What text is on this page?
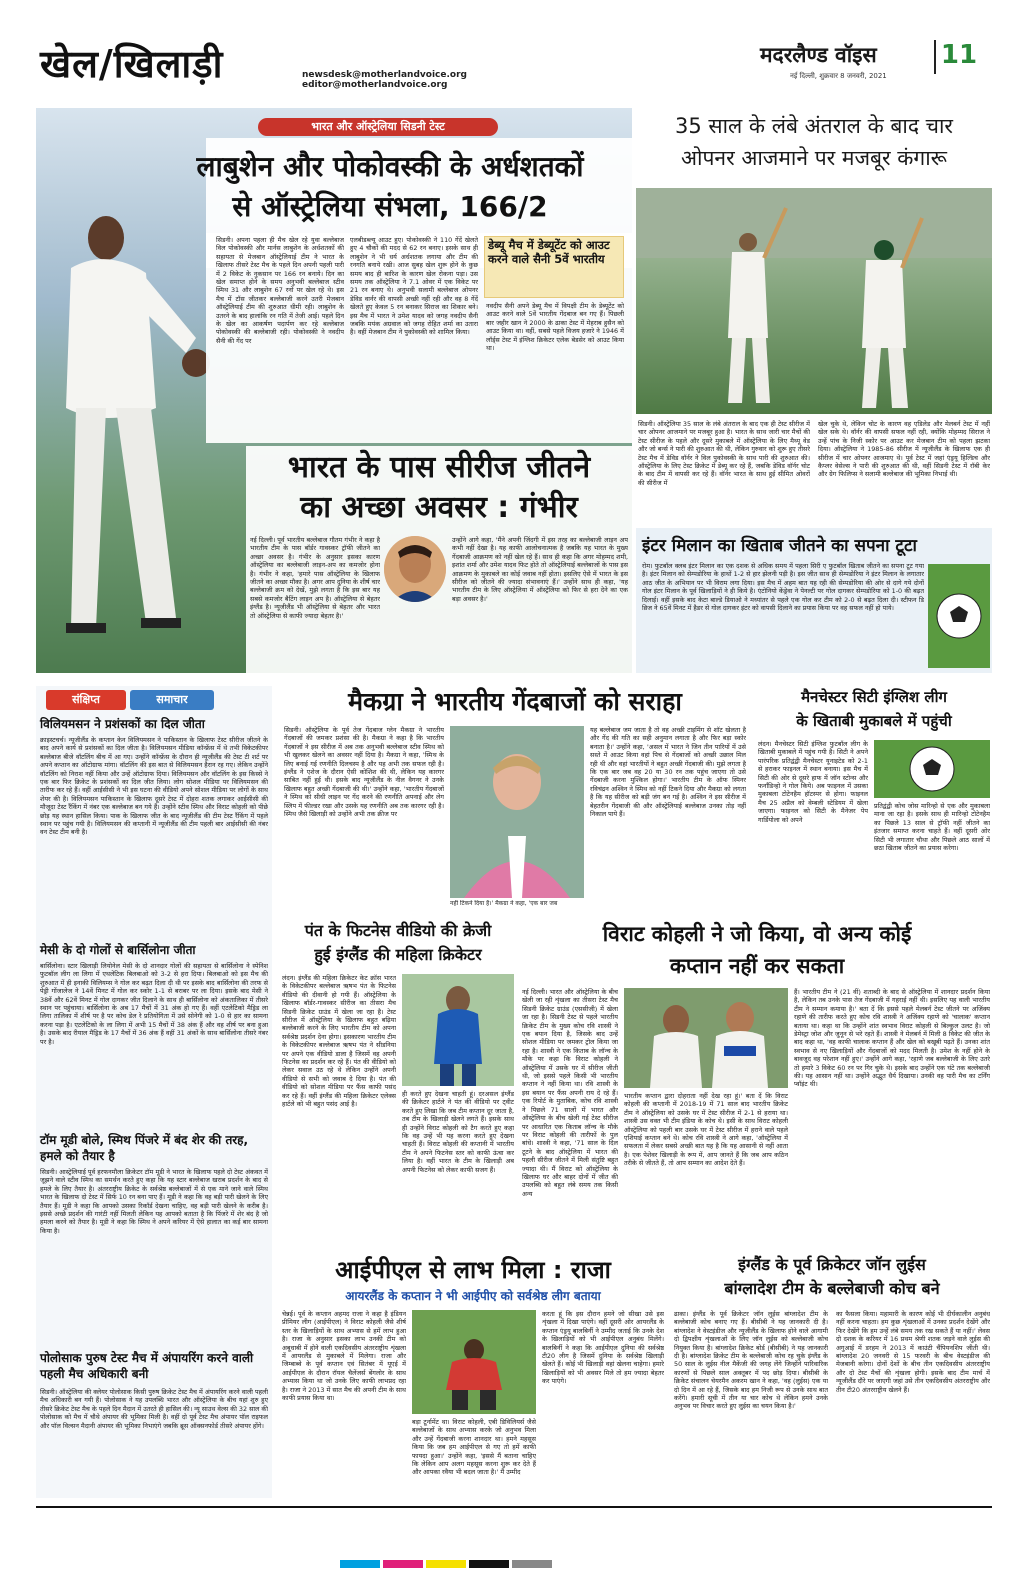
खेल/खिलाड़ी	newsdesk@motherlandvoice.org
editor@motherlandvoice.org
मदरलैण्ड वॉइस 11
नई दिल्ली, शुक्रवार 8 जनवरी, 2021
भारत और ऑस्ट्रेलिया सिडनी टेस्ट
लाबुशेन और पोकोवस्की के अर्धशतकों
से ऑस्ट्रेलिया संभला, 166/2
सिडनी। अपना पहला ही मैच खेल रहे युवा बल्लेबाज विल पोकोवस्की और मार्नस लाबुशेन के अर्धशतकों की सहायता से मेजबान ऑस्ट्रेलियाई टीम ने भारत के खिलाफ तीसरे टेस्ट मैच के पहले दिन अपनी पहली पारी में 2 विकेट के नुकसान पर 166 रन बनाये। दिन का खेल समाप्त होने के समय अनुभवी बल्लेबाज स्टीव स्मिथ 31 और लाबुशेन 67 रनों पर खेल रहे थे। इस मैच में टॉस जीतकर बल्लेबाजी करने उतरी मेजबान ऑस्ट्रेलियाई टीम की शुरुआत धीमी रही। लाबुशेन के उतरने के बाद हालांकि रन गति में तेजी आई। पहले दिन के खेल का आकर्षण पदार्पण कर रहे बल्लेबाज पोकोवस्की की बल्लेबाजी रही। पोकोवस्की ने नवदीप सैनी की गेंद पर
एलबीडब्ल्यू आउट हुए। पोकोवस्की ने 110 गेंदें खेलते हुए 4 चौकों की मदद से 62 रन बनाए। इसके साथ ही लाबुशेन ने भी धर्य अर्धशतक लगाया और टीम की रनगति बनाये रखी। आज सुबह खेल शुरू होने के कुछ समय बाद ही बारिश के कारण खेल रोकना पड़ा। उस समय तक ऑस्ट्रेलिया ने 7.1 ओवर में एक विकेट पर 21 रन बनाए थे। अनुभवी सलामी बल्लेबाज ओपनर डेविड वार्नर की वापसी अच्छी नहीं रही और वह 8 गेंदें खेलते हुए केवल 5 रन बनाकर सिराज का शिकार बने। इस मैच में भारत ने उमेश यादव को जगह नवदीप सैनी जबकि मयंक अग्रवाल को जगह रोहित शर्मा का उतारा है। वहीं मेजबान टीम ने पुकोवस्की को शामिल किया।
डेब्यू मैच में डेब्यूटेंट को आउट करने वाले सैनी 5वें भारतीय
नवदीप सैनी अपने डेब्यू मैच में विपक्षी टीम के डेब्यूटेंट को आउट करने वाले 5वें भारतीय गेंदबाज बन गए हैं। पिछली बार जहीर खान ने 2000 के ढाका टेस्ट में मेहराब हुसैन को आउट किया था। वहीं, सबसे पहले विजय हजारे ने 1946 में लॉर्ड्स टेस्ट में इंग्लिश क्रिकेटर एलेक बेडसेर को आउट किया था।
भारत के पास सीरीज जीतने
का अच्छा अवसर : गंभीर
नई दिल्ली। पूर्व भारतीय बल्लेबाज गौतम गंभीर ने कहा है भारतीय टीम के पास बॉर्डर गावस्कर ट्रॉफी जीतने का अच्छा अवसर है। गंभीर के अनुसार इसका कारण ऑस्ट्रेलिया का बल्लेबाजी लाइन-अप का कमजोर होना है। गंभीर ने कहा, 'हमारे पास ऑस्ट्रेलिया के खिलाफ जीतने का अच्छा मौका है। अगर आप दुनिया के शीर्ष चार बल्लेबाजी क्रम को देखें, मुझे लगता है कि इस बार यह सबसे कमजोर बैटिंग लाइन अप है। ऑस्ट्रेलिया से बेहतर इंग्लैंड है। न्यूजीलैंड भी ऑस्ट्रेलिया से बेहतर और भारत तो ऑस्ट्रेलिया से काफी ज्यादा बेहतर है।'
उन्होंने आगे कहा, 'मैंने अपनी जिंदगी में इस तरह का बल्लेबाजी लाइन अप कभी नहीं देखा है। यह काफी आलोचनात्मक है जबकि यह भारत के मुख्य गेंदबाजी आक्रमण को नहीं खेल रहे हैं। साथ ही कहा कि अगर मोहम्मद शमी, इशांत शर्मा और उमेश यादव फिट होते तो ऑस्ट्रेलियाई बल्लेबाजों के पास इस आक्रमण के मुकाबले का कोई जवाब नहीं होता। इसलिए ऐसे में भारत के इस सीरीज को जीतने की ज्यादा संभावनाएं हैं।' उन्होंने साथ ही कहा, 'यह भारतीय टीम के लिए ऑस्ट्रेलिया में ऑस्ट्रेलिया को फिर से हरा देने का एक बड़ा अवसर है।'
35 साल के लंबे अंतराल के बाद चार
ओपनर आजमाने पर मजबूर कंगारू
सिडनी। ऑस्ट्रेलिया 35 साल के लंबे अंतराल के बाद एक ही टेस्ट सीरीज में चार ओपनर आजमाने पर मजबूर हुआ है। भारत के साथ जारी चार मैचों की टेस्ट सीरीज के पहले और दूसरे मुकाबले में ऑस्ट्रेलिया के लिए मैथ्यू वेड और जो बर्न्स ने पारी की शुरुआत की थी, लेकिन गुरुवार को शुरू हुए तीसरे टेस्ट मैच में डेविड वॉर्नर ने विल पुकोवस्की के साथ पारी की शुरुआत की। ऑस्ट्रेलिया के लिए टेस्ट क्रिकेट में डेब्यू कर रहे हैं, जबकि डेविड वॉर्नर चोट के बाद टीम में वापसी कर रहे हैं। वॉर्नर भारत के साथ हुई सीमित ओवरों की सीरीज में
खेल चुके थे, लेकिन चोट के कारण वह एडिलेड और मेलबर्न टेस्ट में नहीं खेल सके थे। वॉर्नर की वापसी सफल नहीं रही, क्योंकि मोहम्मद सिराज ने उन्हें पांच के निजी स्कोर पर आउट कर मेजबान टीम को पहला झटका दिया। ऑस्ट्रेलिया ने 1985-86 सीरीज में न्यूजीलैंड के खिलाफ एक ही सीरीज में चार ओपनर आजमाए थे। पूर्व टेस्ट में जहां एंड्रयू हिल्डिच और कैप्लर वेसेल्स ने पारी की शुरुआत की थी, वहीं सिडनी टेस्ट में रॉबी केर और ग्रेग फिलिप्स ने सलामी बल्लेबाज की भूमिका निभाई थी।
इंटर मिलान का खिताब जीतने का सपना टूटा
रोम। फुटबॉल क्लब इंटर मिलान का एक दशक से अधिक समय में पहला सिरी ए फुटबॉल खिताब जीतने का सपना टूट गया है। इंटर मिलान को सेम्पडोरिया के हाथों 1-2 से हार झेलनी पड़ी है। इस जीत साथ ही सेम्पडोरिया ने इंटर मिलान के लगातार आठ जीत के अभियान पर भी विराम लगा दिया। इस मैच में अहम बात यह रही की सेम्पडोरिया की ओर से दागे गये दोनों गोल इंटर मिलान के पूर्व खिलाड़ियों ने ही किये है। एंटोनियो केंड्रेवा ने पेनल्टी पर गोल दागकर सेम्पडोरिया को 1-0 की बढ़त दिलाई। वहीं इसके बाद केटा बाल्डे डियाओ ने मध्यांतर से पहले एक गोल कर टीम को 2-0 से बढ़त दिला दी। स्टीफन डि व्रिज ने 65वें मिनट में हैडर से गोल दागकर इंटर को वापसी दिलाने का प्रयास किया पर वह सफल नहीं हो पाये।
संक्षिप्त	समाचार
विलियमसन ने प्रशंसकों का दिल जीता
क्राइस्टचर्च। न्यूजीलैंड के कप्तान केन विलियमसन ने पाकिस्तान के खिलाफ टेस्ट सीरीज जीतने के बाद अपने कार्य से प्रशंसकों का दिल जीता है। विलियमसन मीडिया कॉन्फ्रेंस में थे तभी विकेटकीपर बल्लेबाज बीजे वॉटलिंग बीच में आ गए। उन्होंने कॉन्फ्रेंस के दौरान ही न्यूजीलैंड की टेस्ट टी शर्ट पर अपने कप्तान का ऑटोग्राफ मांगा। वॉटलिंग की इस बात से विलियमसन हैरान रह गए। लेकिन उन्होंने वॉटलिंग को निराश नहीं किया और उन्हें ऑटोग्राफ दिया। विलियमसन और वॉटलिंग के इस किस्से ने एक बार फिर क्रिकेट के प्रशंसकों का दिल जीत लिया। लोग सोशल मीडिया पर विलियमसन की तारीफ कर रहे हैं। वहीं आईसीसी ने भी इस घटना की वीडियो अपने सोशल मीडिया पर लोगों के साथ शेयर की है। विलियमसन पाकिस्तान के खिलाफ दूसरे टेस्ट में दोहरा शतक लगाकर आईसीसी की मौजूदा टेस्ट रैंकिंग में नंबर एक बल्लेबाज बन गये हैं। उन्होंने स्टीव स्मिथ और विराट कोहली को पीछे छोड़ यह स्थान हासिल किया। पाक के खिलाफ जीत के बाद न्यूजीलैंड की टीम टेस्ट रैंकिंग में पहले स्थान पर पहुंच गयी है। विलियमसन की कप्तानी में न्यूजीलैंड की टीम पहली बार आईसीसी की नंबर वन टेस्ट टीम बनी है।
मेसी के दो गोलों से बार्सिलोना जीता
बार्सिलोना। स्टार खिलाड़ी लियोनेल मेसी के दो शानदार गोलों की सहायता से बार्सिलोना ने स्पेनिश फुटबॉल लीग ला लिगा में एथलेटिक बिलबाओ को 3-2 से हरा दिया। बिलबाओ को इस मैच की शुरुआत में ही इनाकी विलियम्स ने गोल कर बढ़त दिला दी थी पर इसके बाद बार्सिलोना की तरफ से पेड्री गोंजालेज ने 14वें मिनट में गोल कर स्कोर 1-1 से बराबर पर ला दिया। इसके बाद मेसी ने 38वें और 62वें मिनट में गोल दागकर जीत दिलाने के साथ ही बार्सिलोना को अंकतालिका में तीसरे स्थान पर पहुंचाया। बार्सिलोना के अब 17 मैचों में 31 अंक हो गए हैं। वहीं एटलेटिको मैड्रिड ला लिगा तालिका में शीर्ष पर है पर कोच डेल रे प्रतियोगिता में उसे सोनेगी को 1-0 से हार का सामना करना पड़ा है। एटलेटिको के ला लिगा में अभी 15 मैचों में 38 अंक हैं और वह शीर्ष पर बना हुआ है। उसके बाद रीयाल मैड्रिड के 17 मैचों में 36 अंक हैं वहीं 31 अंकों के साथ बार्सिलोना तीसरे नंबर पर है।
टॉम मूडी बोले, स्मिथ पिंजरे में बंद शेर की तरह, हमले को तैयार है
सिडनी। आस्ट्रेलियाई पूर्व हरफनमौला क्रिकेटर टॉम मूडी ने भारत के खिलाफ पहले दो टेस्ट अंकवत में जूझने वाले स्टीव स्मिथ का समर्थन करते हुए कहा कि यह स्टार बल्लेबाज खराब प्रदर्शन के बाद से हमले के लिए तैयार है। अंतरराष्ट्रीय क्रिकेट के सर्वश्रेष्ठ बल्लेबाजों में से एक माने जाने वाले स्मिथ भारत के खिलाफ दो टेस्ट में सिर्फ 10 रन बना पाए हैं। मूडी ने कहा कि वह बड़ी पारी खेलने के लिए तैयार हैं। मूडी ने कहा कि आपको उसका रिकॉर्ड देखना चाहिए, वह बड़ी पारी खेलने के करीब है। इससे अच्छे प्रदर्शन की गारंटी नहीं मिलती लेकिन यह आपको बताता है कि पिंजरे में शेर बंद है जो हमला करने को तैयार है। मूडी ने कहा कि स्मिथ ने अपने करियर में ऐसे हालात का कई बार सामना किया है।
पोलोसाक पुरुष टेस्ट मैच में अंपायरिंग करने वाली पहली मैच अधिकारी बनी
सिडनी। ऑस्ट्रेलिया की क्लेयर पोलोसाक किसी पुरुष क्रिकेट टेस्ट मैच में अंपायरिंग करने वाली पहली मैच अधिकारी बन गयी हैं। पोलोसाक ने यह उपलब्धि भारत और ऑस्ट्रेलिया के बीच यहां शुरु हुए तीसरे क्रिकेट टेस्ट मैच के पहले दिन मैदान में उतरते ही हासिल की। न्यू साउथ वेल्स की 32 साल की पोलोसाक को मैच में चौथे अंपायर की भूमिका मिली है। वहीं दो पूर्व टेस्ट मैच अंपायर पॉल राइफल और पॉल विल्सन मैदानी अंपायर की भूमिका निभाएंगे जबकि ब्रूस ऑक्सनफोर्ड तीसरे अंपायर होंगे।
मैकग्रा ने भारतीय गेंदबाजों को सराहा
सिडनी। ऑस्ट्रेलिया के पूर्व तेज गेंदबाज ग्लेन मैकग्रा ने भारतीय गेंदबाजों की जमकर प्रशंसा की है। मैकग्रा ने कहा है कि भारतीय गेंदबाजों ने इस सीरीज में अब तक अनुभवी बल्लेबाज स्टीव स्मिथ को भी खुलकर खेलने का अवसर नहीं दिया है। मैकग्रा ने कहा, 'स्मिथ के लिए बनाई गई रणनीति दिलचस्प है और यह अभी तक सफल रही है। इंग्लैंड ने एशेज के दौरान ऐसी कोशिश की थी, लेकिन यह कारगर साबित नहीं हुई थी। इसके बाद न्यूजीलैंड के नील वैगनर ने उनके खिलाफ बहुत अच्छी गेंदबाजी की थी।' उन्होंने कहा, 'भारतीय गेंदबाजों ने स्मिथ को सीधी लाइन पर गेंद करने की रणनीति अपनाई और लेग स्लिप में फील्डर रखा और उसके यह रणनीति अब तक कारगर रही है। स्मिथ जैसे खिलाड़ी को उन्होंने अभी तक क्रीज पर
नहीं टिकने दिया है।' मैकग्रा ने कहा, 'एक बार जब
यह बल्लेबाज जम जाता है तो वह अच्छी टाइमिंग से शॉट खेलता है और गेंद की गति का सही अनुमान लगाता है और फिर बड़ा स्कोर बनाता है।' उन्होंने कहा, 'असल में भारत ने जिन तीन पारियों में उसे सस्ते में आउट किया वहां पिच से गेंदबाजों को अच्छी उछाल मिल रही थी और वहां भारतीयों ने बहुत अच्छी गेंदबाजी की। मुझे लगता है कि एक बार जब वह 20 या 30 रन तक पहुंच जाएगा तो उसे गेंदबाजी करना मुश्किल होगा।' भारतीय टीम के ऑफ स्पिनर रविचंद्रन अश्विन ने स्मिथ को नहीं टिकने दिया और मैकग्रा को लगता है कि यह सीरीज को बड़ी जंग बन गई है। अश्विन ने इस सीरीज में बेहतरीन गेंदबाजी की और ऑस्ट्रेलियाई बल्लेबाज उनका तोड़ नहीं निकाल पाये हैं।
मैनचेस्टर सिटी इंग्लिश लीग
के खिताबी मुकाबले में पहुंची
लंदन। मैनचेस्टर सिटी इंग्लिश फुटबॉल लीग के खिताबी मुकाबले में पहुंच गयी है। सिटी ने अपने पारंपरिक प्रतिद्वंद्वी मैनचेस्टर यूनाइटेड को 2-1 से हराकर फाइनल में स्थान बनाया। इस मैच में सिटी की ओर से दूसरे हाफ में जॉन स्टोन्स और फर्नांडिन्हो ने गोल किये। अब फाइनल में उसका मुकाबला टोटेनहैम हॉटस्पर से होगा। फाइनल मैच 25 अप्रैल को वेम्बली स्टेडियम में खेला जाएगा। फाइनल को सिटी के मैनेजर पेप गार्डियोला को अपने
प्रतिद्वंद्वी कोच जोस मारिन्हो से एक और मुकाबला माना जा रहा है। इसके साथ ही मारिन्हो टोटेनहैम का पिछले 13 साल से ट्रॉफी नहीं जीतने का इंतजार समाप्त करना चाहते हैं। वहीं दूसरी ओर सिटी भी लगातार चौथा और पिछले आठ सालों में छठा खिताब जीतने का प्रयास करेगा।
पंत के फिटनेस वीडियो की क्रेजी
हुई इंग्लैंड की महिला क्रिकेटर
लंदन। इंग्लैंड की महिला क्रिकेटर केट क्रॉस भारत के विकेटकीपर बल्लेबाज ऋषभ पंत के फिटनेस वीडियो की दीवानी हो गयी हैं। ऑस्ट्रेलिया के खिलाफ बॉर्डर-गावस्कर सीरीज का तीसरा मैच सिडनी क्रिकेट ग्राउंड में खेला जा रहा है। टेस्ट सीरीज में ऑस्ट्रेलिया के खिलाफ बहुत बढ़िया बल्लेबाजी करने के लिए भारतीय टीम को अपना सर्वश्रेष्ठ प्रदर्शन देना होगा। इसकारण भारतीय टीम के विकेटकीपर बल्लेबाज ऋषभ पंत ने सीडनिया पर अपने एक वीडियो डाला है जिसमें वह अपनी फिटनेस का प्रदर्शन कर रहे हैं। पंत की वीडियो को लेकर सवाल उठ रहे थे लेकिन उन्होंने अपनी वीडियो से सभी को जवाब दे दिया है। पंत की वीडियो को सोशल मीडिया पर फैंस काफी पसंद कर रहे हैं। वहीं इंग्लैंड की महिला क्रिकेटर एलेक्स हार्टले को भी बहुत पसंद आई है।
ही करते हुए देखना चाहती हूं। दरअसल इंग्लैंड की क्रिकेटर हार्टले ने पंत की वीडियो पर ट्वीट करते हुए लिखा कि जब टीम कप्तान दूर जाता है, तब टीम के खिलाड़ी खेलने लगते हैं। इसके साथ ही उन्होंने विराट कोहली को टैग करते हुए कहा कि वह उन्हें भी यह करना करते हुए देखना चाहती हैं। विराट कोहली की कप्तानी में भारतीय टीम ने अपने फिटनेस स्तर को काफी ऊंचा कर लिया है। वहीं भारत के टीम के खिलाड़ी अब अपनी फिटनेस को लेकर काफी सजग हैं।
विराट कोहली ने जो किया, वो अन्य कोई
कप्तान नहीं कर सकता
नई दिल्ली। भारत और ऑस्ट्रेलिया के बीच खेली जा रही शृंखला का तीसरा टेस्ट मैच सिडनी क्रिकेट ग्राउंड (एससीजी) में खेला जा रहा है। सिडनी टेस्ट से पहले भारतीय क्रिकेट टीम के मुख्य कोच रवि शास्त्री ने एक बयान दिया है, जिसके बाद उन्हें सोशल मीडिया पर जमकर ट्रोल किया जा रहा है। शास्त्री ने एक किताब के लॉन्च के मौके पर कहा कि विराट कोहली ने ऑस्ट्रेलिया में उसके घर में सीरीज जीती थी, जो इससे पहले किसी भी भारतीय कप्तान ने नहीं किया था। रवि शास्त्री के इस बयान पर फैंस अपनी राय दे रहे हैं। एक रिपोर्ट के मुताबिक, कोच रवि शास्त्री ने पिछले 71 सालों में भारत और ऑस्ट्रेलिया के बीच खेली गई टेस्ट सीरीज पर आधारित एक किताब लॉन्च के मौके पर विराट कोहली की तारीफों के पुल बांधे। शास्त्री ने कहा, '71 साल के दिल टूटने के बाद ऑस्ट्रेलिया में भारत की पहली सीरीज जीतने में मिली संतुष्टि बहुत ज्यादा थी। मैं विराट को ऑस्ट्रेलिया के खिलाफ घर और बाहर दोनों में जीत की उपलब्धि को बहुत लंबे समय तक किसी अन्य
भारतीय कप्तान द्वारा दोहराता नहीं देख रहा हूं।' बता दें कि विराट कोहली की कप्तानी में 2018-19 में 71 साल बाद भारतीय क्रिकेट टीम ने ऑस्ट्रेलिया को उसके घर में टेस्ट सीरीज में 2-1 से हराया था। शास्त्री उस वक्त भी टीम इंडिया के कोच थे। इसी के साथ विराट कोहली ऑस्ट्रेलिया को पहली बार उसके घर में टेस्ट सीरीज में हराने वाले पहले एशियाई कप्तान बने थे। कोच रवि शास्त्री ने आगे कहा, 'ऑस्ट्रेलिया में सफलता में लेकर सबसे अच्छी बात यह है कि यह आसानी से नहीं आता है। एक पेशेवर खिलाड़ी के रूप में, आप जानते हैं कि जब आप कठिन तरीके से जीतते हैं, तो आप सम्मान का आदेश देते हैं।
हैं। भारतीय टीम ने (21 वीं) शताब्दी के बाद से ऑस्ट्रेलिया में शानदार प्रदर्शन किया है, लेकिन तब उनके पास तेज गेंदबाजी में गहराई नहीं थी। इसलिए यह वाली भारतीय टीम ने सम्मान कमाया है।' बता दें कि इससे पहले मेलबर्न टेस्ट जीतने पर अजिंक्य रहाणे की तारीफ करते हुए कोच रवि शास्त्री ने अजिंक्य रहाणे को 'चालाक' कप्तान बताया था। कहा था कि उन्होंने शांत स्वभाव विराट कोहली से बिल्कुल उलट है। जो डेमेस्ट्रा जोश और जुनून से भरे रहते हैं। शास्त्री ने मेलबर्न में मिली 8 विकेट की जीत के बाद कहा था, 'वह काफी चालाक कप्तान हैं और खेल को बखूबी पढ़ते हैं। उनका शांत स्वभाव से नए खिलाड़ियों और गेंदबाजों को मदद मिलती है। उमेश के नहीं होने के बावजूद वह परेशान नहीं हुए।' उन्होंने आगे कहा, 'रहाणे जब बल्लेबाजी के लिए उतरे तो हमारे 3 विकेट 60 रन पर गिर चुके थे। इसके बाद उन्होंने एक घंटे तक बल्लेबाजी की। यह आसान नहीं था। उन्होंने अद्भुत धैर्य दिखाया। उनकी वह पारी मैच का टर्निंग प्वॉइंट थी।
आईपीएल से लाभ मिला : राजा
आयरलैंड के कप्तान ने भी आईपीए को सर्वश्रेष्ठ लीग बताया
चेन्नई। पूर्व के कप्तान अहमद राजा ने कहा है इंडियन प्रीमियर लीग (आईपीएल) ने विराट कोहली जैसे शीर्ष स्तर के खिलाड़ियों के साथ अभ्यास से हमें लाभ हुआ है। राजा के अनुसार इसका लाभ उनकी टीम को अबूधाबी में होने वाली एकदिवसीय अंतरराष्ट्रीय शृंखला में आयरलैंड से मुकाबले में मिलेगा। राजा और जिम्बाब्वे के पूर्व कप्तान एवं सितंबर में यूएई में आईपीएल के दौरान रॉयल चैलेंजर्स बेंगलोर के साथ अभ्यास किया था जो उनके लिए काफी लाभप्रद रहा है। राजा ने 2013 में सात मैच की अपनी टीम के साथ काफी प्रयास किया था।
बड़ा टूर्नामेंट था। विराट कोहली, एबी डिविलियर्स जैसे बल्लेबाजों के साथ अभ्यास करके जो अनुभव मिला और उन्हें गेंदबाजी करना शानदार था। हमने महसूस किया कि जब हम आईपीएल से गए तो हमें काफी फायदा हुआ।' उन्होंने कहा, 'इससे मैं बताना चाहिए कि लेकिन आप अलग महसूस करना शुरू कर देते हैं और आपका रवैया भी बदल जाता है।' मैं उम्मीद
करता हूं कि इस दौरान हमने जो सीखा उसे इस शृंखला में दिखा पाएंगे। वहीं दूसरी ओर आयरलैंड के कप्तान एंड्रयू बालबिर्नी ने उम्मीद जताई कि उनके देश के खिलाड़ियों को भी आईपीएल अनुबंध मिलेंगे। बालबिर्नी ने कहा कि आईपीएल दुनिया की सर्वश्रेष्ठ टी20 लीग है जिसमें दुनिया के सर्वश्रेष्ठ खिलाड़ी खेलते हैं। कोई भी खिलाड़ी वहां खेलना चाहेगा। हमारे खिलाड़ियों को भी अवसर मिले तो हम ज्यादा बेहतर कर पाएंगे।
इंग्लैंड के पूर्व क्रिकेटर जॉन लुईस
बांग्लादेश टीम के बल्लेबाजी कोच बने
ढाका। इंग्लैंड के पूर्व क्रिकेटर जॉन लुईस बांग्लादेश टीम के बल्लेबाजी कोच बनाए गए हैं। बीसीबी ने यह जानकारी दी है। बांग्लादेश ने वेस्टइंडीज और न्यूजीलैंड के खिलाफ होने वाले आगामी दो द्विपक्षीय शृंखलाओं के लिए जॉन लुईस को बल्लेबाजी कोच नियुक्त किया है। बांग्लादेश क्रिकेट बोर्ड (बीसीबी) ने यह जानकारी दी है। बांग्लादेश क्रिकेट टीम के बल्लेबाजी कोच रह चुके इंग्लैंड के 50 साल के लुईस नील मैकेंजी की जगह लेंगे जिन्होंने पारिवारिक कारणों से पिछले साल अक्तूबर में पद छोड़ दिया। बीसीबी के क्रिकेट संचालन चेयरमैन अकरम खान ने कहा, 'वह (लुईस) एक या दो दिन में आ रहे हैं, जिसके बाद हम निजी रूप से उनके साथ बात करेंगे। हमारी सूची में तीन या चार कोच थे लेकिन हमने उनके अनुभव पर विचार करते हुए लुईस का चयन किया है।'
का फैसला किया। महामारी के कारण कोई भी दीर्घकालीन अनुबंध नहीं करना चाहता। हम कुछ शृंखलाओं में उनका प्रदर्शन देखेंगे और फिर देखेंगे कि हम उन्हें लंबे समय तक रख सकते हैं या नहीं।' लेवस दो दशक के करियर में 16 प्रथम श्रेणी शतक जड़ने वाले लुईस की अगुआई में डरहम ने 2013 में काउंटी चैंपियनशिप जीती थी। बांग्लादेश 20 जनवरी से 15 फरवरी के बीच वेस्टइंडीज की मेजबानी करेगा। दोनों देशों के बीच तीन एकदिवसीय अंतरराष्ट्रीय और दो टेस्ट मैचों की शृंखला होगी। इसके बाद टीम मार्च में न्यूजीलैंड दौरे पर जाएगी जहां उसे तीन एकदिवसीय अंतरराष्ट्रीय और तीन टी20 अंतरराष्ट्रीय खेलने हैं।
